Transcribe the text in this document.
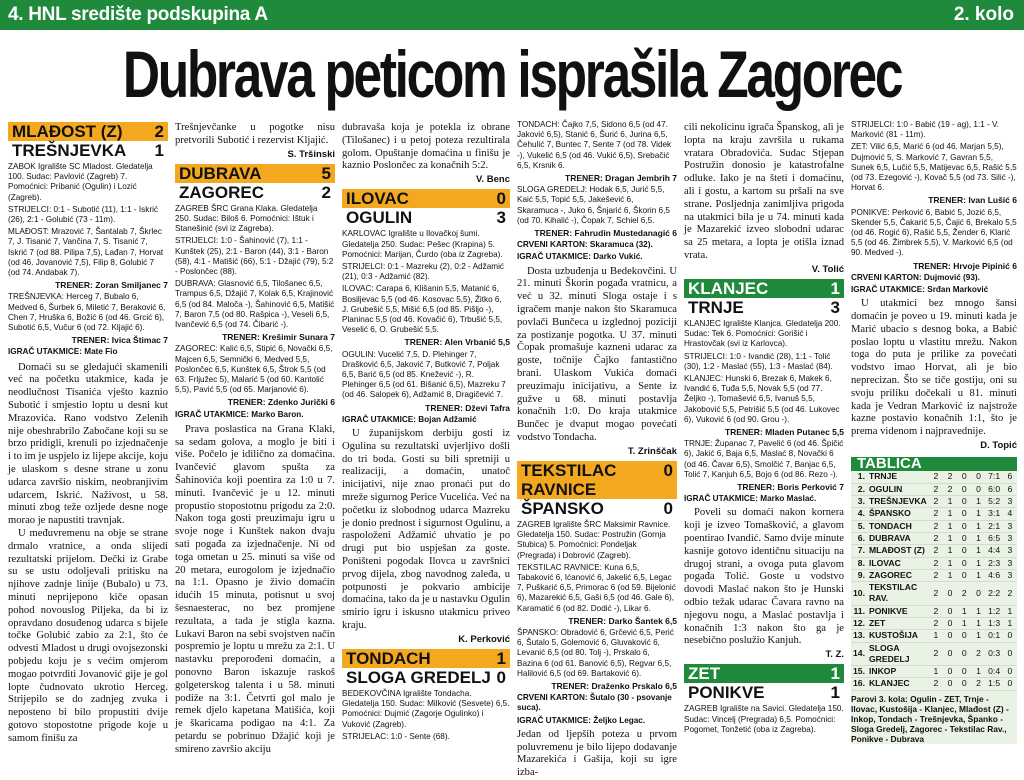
4. HNL središte podskupina A	2. kolo
Dubrava peticom isprašila Zagorec
MLAĐOST (Z) 2
TREŠNJEVKA 1
ZABOK Igralište SC Mladost. Gledatelja 100. Sudac: Pavlović (Zagreb) 7. Pomoćnici: Pribanić (Ogulin) i Lozić (Zagreb).
STRIJELCI: 0:1 - Subotić (11), 1:1 - Iskrić (26), 2:1 - Golubić (73 - 11m).
MLAĐOST: Mrazović 7, Šantalab 7, Škrlec 7, J. Tisanić 7, Vančina 7, S. Tisanić 7, Iskrić 7 (od 88. Pilipa 7,5), Lađan 7, Horvat (od 46. Jovanović 7,5), Filip 8, Golubić 7 (od 74. Andabak 7).
TRENER: Zoran Smiljanec 7
TREŠNJEVKA: Herceg 7, Bubalo 6, Medved 6, Šurbek 6, Miletić 7, Beraković 6, Chen 7, Hruška 6, Božić 6 (od 46. Grcić 6), Subotić 6,5, Vučur 6 (od 72. Kljajić 6).
TRENER: Ivica Štimac 7
IGRAČ UTAKMICE: Mate Fio

Domaći su se gledajući skamenili već na početku utakmice, kada je neodlučnost Tisanića vješto kaznio Subotić i smjestio loptu u desni kut Mrazovića. Rano vodstvo Zelenih nije obeshrabrilo Zabočane koji su se brzo pridigli, krenuli po izjednačenje i to im je uspjelo iz lijepe akcije, koju je ulaskom s desne strane u zonu udarca završio niskim, neobranjivim udarcem, Iskrić. Naživost, u 58. minuti zbog teže ozljede desne noge morao je napustiti travnjak.

U međuvremenu na obje se strane drmalo vratnice, a onda slijedi rezultatski prijelom. Dečki iz Grabe su se ustu odoljevali pritisku na njihove zadnje linije (Bubalo) u 73. minuti neprijepono kiče opasan pohod novouslog Piljeka, da bi iz opravdano dosuđenog udarca s bijele točke Golubić zabio za 2:1, što će odvesti Mladost u drugi ovojsezonski pobjedu koju je s većim omjerom mogao potvrditi Jovanović gije je gol lopte čudnovato ukrotio Herceg. Strijepilo se do zadnjeg zvuka i neposteno bi bilo propustiti dvije gotovo stopostotne prigode koje u samom finišu za

Trešnjevčanke u pogotke nisu pretvorili Subotić i rezervist Kljajić.
S. Tršinski
DUBRAVA	5
ZAGOREC	2
ZAGREB ŠRC Grana Klaka. Gledatelja 250. Sudac: Biloš 6. Pomoćnici: Ištuk i Stanešinić (svi iz Zagreba).
STRIJELCI: 1:0 - Šahinović (7), 1:1 - Kunštek (25), 2:1 - Baron (44), 3:1 - Baron (58), 4:1 - Matišić (66), 5:1 - Džajić (79), 5:2 - Poslončec (88).
DUBRAVA: Glasnović 6,5, Tilošanec 6,5, Trampus 6,5, Džajić 7, Kolak 6,5, Krajinović 6,5 (od 84. Maloča -), Šahinović 6,5, Matišić 7, Baron 7,5 (od 80. Rašpica -), Veseli 6,5, Ivančević 6,5 (od 74. Čibarić -).
TRENER: Krešimir Sunara 7
ZAGOREC: Kalić 6,5, Stipić 6, Novački 6,5, Majcen 6,5, Semnički 6, Medved 5,5, Poslončec 6,5, Kunštek 6,5, Štrok 5,5 (od 63. Frljužec 5), Malarić 5 (od 60. Kantolić 5,5), Pavić 5,5 (od 65. Marjanović 6).
TRENER: Zdenko Jurički 6
IGRAČ UTAKMICE: Marko Baron.

Prava poslastica na Grana Klaki, sa sedam golova, a moglo je biti i više. Počelo je idilično za domaćina. Ivančević glavom spušta za Šahinovića koji poentira za 1:0 u 7. minuti. Ivančević je u 12. minuti propustio stopostotnu prigodu za 2:0. Nakon toga gosti preuzimaju igru u svoje noge i Kunštek nakon dvaju sati pogađa za izjednačenje. Ni od toga ometan u 25. minuti sa više od 20 metara, eurogolom je izjednačio na 1:1. Opasno je živio domaćin idućih 15 minuta, potisnut u svoj šesnaesterac, no bez promjene rezultata, a tada je stigla kazna. Lukavi Baron na sebi svojstven način pospremio je loptu u mrežu za 2:1. U nastavku preporođeni domaćin, a ponovno Baron iskazuje raskoš golgeterskog talenta i u 58. minuti podiže na 3:1. Četvrti gol malo je remek djelo kapetana Matišića, koji je škaricama podigao na 4:1. Za petardu se pobrinuo Džajić koji je smireno završio akciju

dubravaša koja je potekla iz obrane (Tilošanec) i u petoj poteza rezultirala golom. Opuštanje domaćina u finišu je kaznio Poslončec za konačnih 5:2.
V. Benc
ILOVAC	0
OGULIN	3
KARLOVAC Igralište u Ilovačkoj šumi. Gledatelja 250. Sudac: Pešec (Krapina) 5. Pomoćnici: Marijan, Čurdo (oba iz Zagreba).
STRIJELCI: 0:1 - Mazreku (2), 0:2 - Adžamić (21), 0:3 - Adžamić (82).
ILOVAC: Carapa 6, Klišanin 5,5, Matanić 6, Bosiljevac 5,5 (od 46. Kosovac 5,5), Žitko 6, J. Grubešić 5,5, Mišić 6,5 (od 85. Pišljo -), Planinac 5,5 (od 46. Kovačić 6), Trbušić 5,5, Veselić 6, O. Grubešić 5,5.
TRENER: Alen Vrbanić 5,5
OGULIN: Vucelić 7,5, D. Plehinger 7, Drašković 6,5, Jaković 7, Butković 7, Poljak 6,5, Barić 6,5 (od 85. Knežević -), R. Plehinger 6,5 (od 61. Bišanić 6,5), Mazreku 7 (od 46. Salopek 6), Adžamić 8, Dragičević 7.
TRENER: Dževi Tafra
IGRAČ UTAKMICE: Bojan Adžamić

U županijskom derbiju gosti iz Ogulina su rezultatski uvjerljivo došli do tri boda. Gosti su bili spretniji u realizaciji, a domaćin, unatoč inicijativi, nije znao pronaći put do mreže sigurnog Perice Vucelića. Već na početku iz slobodnog udarca Mazreku je donio prednost i sigurnost Ogulinu, a raspoloženi Adžamić uhvatio je po drugi put bio uspješan za goste. Poništeni pogodak Ilovca u završnici prvog dijela, zbog navodnog zaleđa, u potpunosti je pokvario ambicije domaćina, tako da je u nastavku Ogulin smirio igru i iskusno utakmicu priveo kraju.

K. Perković
TONDACH	1
SLOGA GREDELJ 0
BEDEKOVČINA Igralište Tondacha. Gledatelja 150. Sudac: Milković (Sesvete) 6,5. Pomoćnici: Dujmić (Zagorje Ogulinko) i Vuković (Zagreb).
STRIJELAC: 1:0 - Sente (68).
TONDACH: Čajko 7,5, Sidono 6,5 (od 47. Jaković 6,5), Stanić 6, Šurić 6, Jurina 6,5, Čehulić 7, Buntec 7, Sente 7 (od 78. Videk -), Vukelić 6,5 (od 46. Vukić 6,5), Srebačić 6,5, Krsnik 6.
TRENER: Dragan Jembrih 7
SLOGA GREDELJ: Hodak 6,5, Jurić 5,5, Kaić 5,5, Topić 5,5, Jakešević 6, Skaramuca -, Juko 6, Šnjarić 6, Škorin 6,5 (od 70. Kihalić -), Čopak 7, Schiel 6,5.
TRENER: Fahrudin Mustedanagić 6
CRVENI KARTON: Skaramuca (32).
IGRAČ UTAKMICE: Darko Vukić.

Dosta uzbuđenja u Bedekovčini. U 21. minuti Škorin pogađa vratnicu, a već u 32. minuti Sloga ostaje i s igračem manje nakon što Skaramuca povlači Bunčeca u izglednoj poziciji za postizanje pogotka. U 37. minuti Čopak promašuje kazneni udarac za goste, točnije Čajko fantastično brani. Ulaskom Vukića domaći preuzimaju inicijativu, a Sente iz gužve u 68. minuti postavlja konačnih 1:0. Do kraja utakmice Bunčec je dvaput mogao povećati vodstvo Tondacha.

T. Zrinščak
TEKSTILAC RAVNICE
0
ŠPANSKO	0
ZAGREB Igralište ŠRC Maksimir Ravnice. Gledatelja 150. Sudac: Postružin (Gornja Stubica) 5. Pomoćnici: Pondeljak (Pregrada) i Dobrović (Zagreb).
TEKSTILAC RAVNICE: Kuna 6,5, Tabaković 6, Ićanović 6, Jakelić 6,5, Legac 7, Puškarić 6,5, Primorac 6 (od 59. Bijelonić 6), Mazarekić 6,5, Gaši 6,5 (od 46. Gale 6), Karamatić 6 (od 82. Dodić -), Likar 6.
TRENER: Darko Šantek 6,5
ŠPANSKO: Obradović 6, Grčević 6,5, Perić 6, Šutalo 5, Golemović 6, Gluvaković 6, Levanić 6,5 (od 80. Tolj -), Prskalo 6, Bazina 6 (od 61. Banović 6,5), Regvar 6,5, Halilović 6,5 (od 69. Bartaković 6).
TRENER: Draženko Prskalo 6,5
CRVENI KARTON: Šutalo (30 - psovanje suca).
IGRAČ UTAKMICE: Željko Legac.
Jedan od ljepših poteza u prvom poluvremenu je bilo lijepo dodavanje Mazarekića i Gašija, koji su igre izba-
cili nekolicinu igrača Španskog, ali je lopta na kraju završila u rukama vratara Obradovića. Sudac Stjepan Postružin donosio je katastrofalne odluke. Iako je na šteti i domaćinu, ali i gostu, a kartom su pršali na sve strane. Posljednja zanimljiva prigoda na utakmici bila je u 74. minuti kada je Mazarekić izveo slobodni udarac sa 25 metara, a lopta je otišla iznad vrata.
V. Tolić
KLANJEC	1
TRNJE	3
KLANJEC Igralište Klanjca. Gledatelja 200. Sudac: Tek 6. Pomoćnici: Gorišić i Hrastovčak (svi iz Karlovca).
STRIJELCI: 1:0 - Ivandić (28), 1:1 - Tolić (30), 1:2 - Maslać (55), 1:3 - Maslać (84).
KLANJEC: Hunski 6, Brezak 6, Makek 6, Ivandić 6, Tuđa 5,5, Novak 5,5 (od 77. Željko -), Tomašević 6,5, Ivanuš 5,5, Jakobović 5,5, Petrišić 5,5 (od 46. Lukovec 6), Vuković 6 (od 90. Grou -).
TRENER: Mladen Putanec 5,5
TRNJE: Županac 7, Pavelić 6 (od 46. Špičić 6), Jakić 6, Baja 6,5, Maslać 8, Novački 6 (od 46. Čavar 6,5), Smolčić 7, Banjac 6,5, Tolić 7, Kanjuh 6,5, Bojo 6 (od 86. Rezo -).
TRENER: Boris Perković 7
IGRAČ UTAKMICE: Marko Maslać.

Poveli su domaći nakon kornera koji je izveo Tomašković, a glavom poentirao Ivandić. Samo dvije minute kasnije gotovo identičnu situaciju na drugoj strani, a ovoga puta glavom pogađa Tolić. Goste u vodstvo dovodi Maslać nakon što je Hunski odbio težak udarac Čavara ravno na njegovu nogu, a Maslać postavlja i konačnih 1:3 nakon što ga je nesebično poslužio Kanjuh.

T. Z.
ZET	1
PONIKVE	1
ZAGREB Igralište na Savici. Gledatelja 150. Sudac: Vincelj (Pregrada) 6,5. Pomoćnici: Pogomet, Tonžetić (oba iz Zagreba).
STRIJELCI: 1:0 - Babić (19 - ag), 1:1 - V. Marković (81 - 11m).
ZET: Vilić 6,5, Marić 6 (od 46. Marjan 5,5), Dujmović 5, S. Marković 7, Gavran 5,5, Sunek 6,5, Lučić 5,5, Matijevac 6,5, Rašić 5,5 (od 73. Ezegović -), Kovač 5,5 (od 73. Silić -), Horvat 6.
TRENER: Ivan Lušić 6
PONIKVE: Perković 6, Babić 5, Jozić 6,5, Skender 5,5, Čakarić 5,5, Čajić 6, Brekalo 5,5 (od 46. Rogić 6), Rašić 5,5, Žender 6, Klarić 5,5 (od 46. Žimbrek 5,5), V. Marković 6,5 (od 90. Medved -).
TRENER: Hrvoje Pipinić 6
CRVENI KARTON: Dujmović (93).
IGRAČ UTAKMICE: Srđan Marković

U utakmici bez mnogo šansi domaćin je poveo u 19. minuti kada je Marić ubacio s desnog boka, a Babić poslao loptu u vlastitu mrežu. Nakon toga do puta je prilike za povećati vodstvo imao Horvat, ali je bio neprecizan. Što se tiče gostiju, oni su svoju priliku dočekali u 81. minuti kada je Vedran Marković iz najstrože kazne postavio konačnih 1:1, što je prema videnom i najpravednije.

D. Topić
TABLICA
1.	TRNJE	2	2	0	0	7:1	6
2.	OGULIN	2	2	0	0	6:0	6
3.	TREŠNJEVKA	2	1	0	1	5:2	3
4.	ŠPANSKO	2	1	0	1	3:1	4
5.	TONDACH	2	1	0	1	2:1	3
6.	DUBRAVA	2	1	0	1	6:5	3
7.	MLAĐOST (Z)	2	1	0	1	4:4	3
8.	ILOVAC	2	1	0	1	2:3	3
9.	ZAGOREC	2	1	0	1	4:6	3
10.	TEKSTILAC RAV.	2	0	2	0	2:2	2
11.	PONIKVE	2	0	1	1	1:2	1
12.	ZET	2	0	1	1	1:3	1
13.	KUSTOŠIJA	1	0	0	1	0:1	0
14.	SLOGA GREDELJ	2	0	0	2	0:3	0
15.	INKOP	1	0	0	1	0:4	0
16.	KLANJEC	2	0	0	2	1:5	0
Parovi 3. kola: Ogulin - ZET, Trnje - Ilovac, Kustošija - Klanjec, Mlađost (Z) - Inkop, Tondach - Trešnjevka, Španko - Sloga Gredelj, Zagorec - Tekstilac Rav., Ponikve - Dubrava
